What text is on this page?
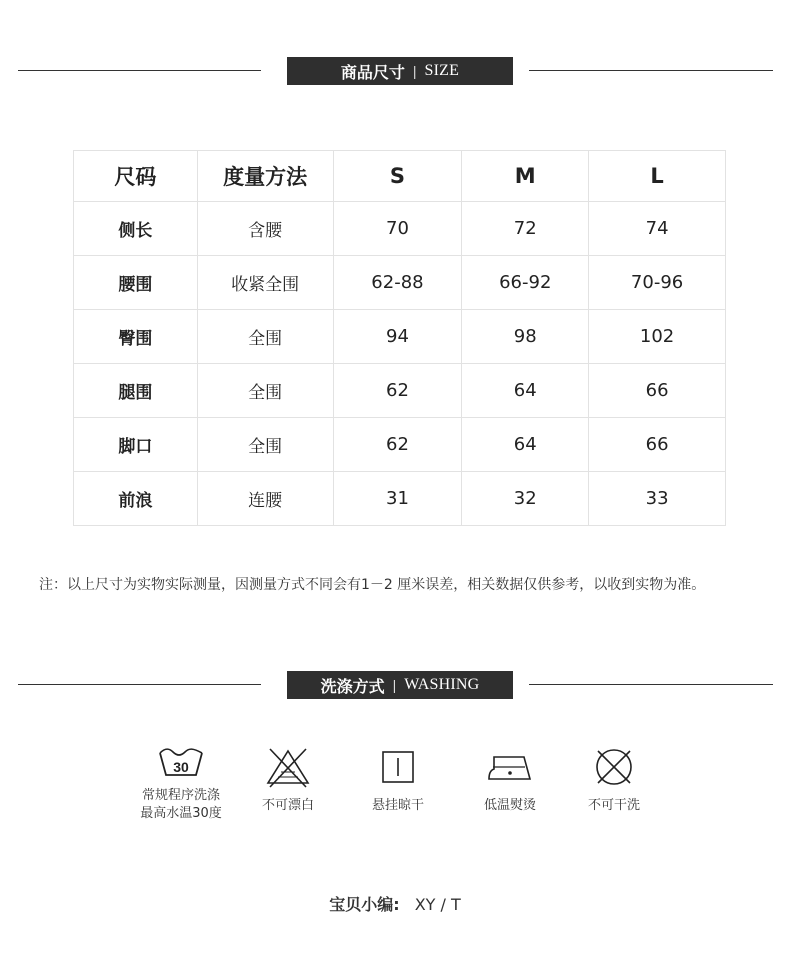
商品尺寸 | SIZE
尺码	度量方法	S	M	L
侧长	含腰	70	72	74
腰围	收紧全围	62-88	66-92	70-96
臀围	全围	94	98	102
腿围	全围	62	64	66
脚口	全围	62	64	66
前浪	连腰	31	32	33
注：以上尺寸为实物实际测量，因测量方式不同会有1－2 厘米误差，相关数据仅供参考，以收到实物为准。
洗涤方式 | WASHING
30
常规程序洗涤
最高水温30度
不可漂白	悬挂晾干	低温熨烫	不可干洗
宝贝小编: XY / T
